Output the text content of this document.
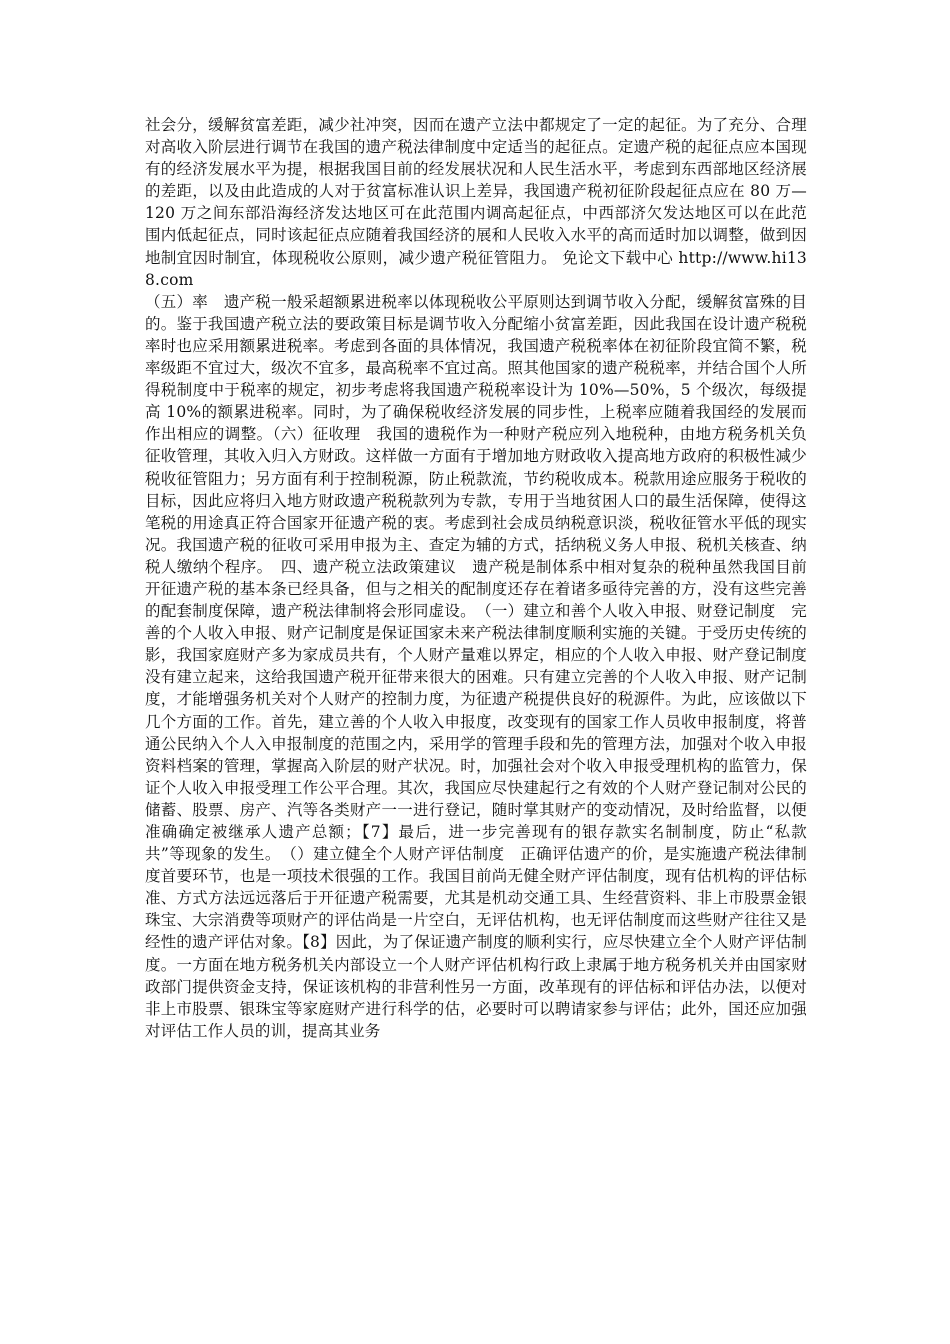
社会分，缓解贫富差距，减少社冲突，因而在遗产立法中都规定了一定的起征。为了充分、合理对高收入阶层进行调节在我国的遗产税法律制度中定适当的起征点。定遗产税的起征点应本国现有的经济发展水平为提，根据我国目前的经发展状况和人民生活水平，考虑到东西部地区经济展的差距，以及由此造成的人对于贫富标准认识上差异，我国遗产税初征阶段起征点应在 80 万—120 万之间东部沿海经济发达地区可在此范围内调高起征点，中西部济欠发达地区可以在此范围内低起征点，同时该起征点应随着我国经济的展和人民收入水平的高而适时加以调整，做到因地制宜因时制宜，体现税收公原则，减少遗产税征管阻力。 免论文下载中心 http://www.hi138.com

（五）率　遗产税一般采超额累进税率以体现税收公平原则达到调节收入分配，缓解贫富殊的目的。鉴于我国遗产税立法的要政策目标是调节收入分配缩小贫富差距，因此我国在设计遗产税税率时也应采用额累进税率。考虑到各面的具体情况，我国遗产税税率体在初征阶段宜简不繁，税率级距不宜过大，级次不宜多，最高税率不宜过高。照其他国家的遗产税税率，并结合国个人所得税制度中于税率的规定，初步考虑将我国遗产税税率设计为 10%—50%，5 个级次，每级提高 10%的额累进税率。同时，为了确保税收经济发展的同步性，上税率应随着我国经的发展而作出相应的调整。（六）征收理　我国的遗税作为一种财产税应列入地税种，由地方税务机关负征收管理，其收入归入方财政。这样做一方面有于增加地方财政收入提高地方政府的积极性减少税收征管阻力；另方面有利于控制税源，防止税款流，节约税收成本。税款用途应服务于税收的目标，因此应将归入地方财政遗产税税款列为专款，专用于当地贫困人口的最生活保障，使得这笔税的用途真正符合国家开征遗产税的衷。考虑到社会成员纳税意识淡，税收征管水平低的现实况。我国遗产税的征收可采用申报为主、查定为辅的方式，括纳税义务人申报、税机关核查、纳税人缴纳个程序。　四、遗产税立法政策建议　遗产税是制体系中相对复杂的税种虽然我国目前开征遗产税的基本条已经具备，但与之相关的配制度还存在着诸多亟待完善的方，没有这些完善的配套制度保障，遗产税法律制将会形同虚设。　（一）建立和善个人收入申报、财登记制度　完善的个人收入申报、财产记制度是保证国家未来产税法律制度顺利实施的关键。于受历史传统的影，我国家庭财产多为家成员共有，个人财产量难以界定，相应的个人收入申报、财产登记制度没有建立起来，这给我国遗产税开征带来很大的困难。只有建立完善的个人收入申报、财产记制度，才能增强务机关对个人财产的控制力度，为征遗产税提供良好的税源件。为此，应该做以下几个方面的工作。首先，建立善的个人收入申报度，改变现有的国家工作人员收申报制度，将普通公民纳入个人入申报制度的范围之内，采用学的管理手段和先的管理方法，加强对个收入申报资料档案的管理，掌握高入阶层的财产状况。时，加强社会对个收入申报受理机构的监管力，保证个人收入申报受理工作公平合理。其次，我国应尽快建起行之有效的个人财产登记制对公民的储蓄、股票、房产、汽等各类财产一一进行登记，随时掌其财产的变动情况，及时给监督，以便准确确定被继承人遗产总额；【7】最后，进一步完善现有的银存款实名制制度，防止“私款共”等现象的发生。　（）建立健全个人财产评估制度　正确评估遗产的价，是实施遗产税法律制度首要环节，也是一项技术很强的工作。我国目前尚无健全财产评估制度，现有估机构的评估标准、方式方法远远落后于开征遗产税需要，尤其是机动交通工具、生经营资料、非上市股票金银珠宝、大宗消费等项财产的评估尚是一片空白，无评估机构，也无评估制度而这些财产往往又是经性的遗产评估对象。【8】因此，为了保证遗产制度的顺利实行，应尽快建立全个人财产评估制度。一方面在地方税务机关内部设立一个人财产评估机构行政上隶属于地方税务机关并由国家财政部门提供资金支持，保证该机构的非营利性另一方面，改革现有的评估标和评估办法，以便对非上市股票、银珠宝等家庭财产进行科学的估，必要时可以聘请家参与评估；此外，国还应加强对评估工作人员的训，提高其业务
